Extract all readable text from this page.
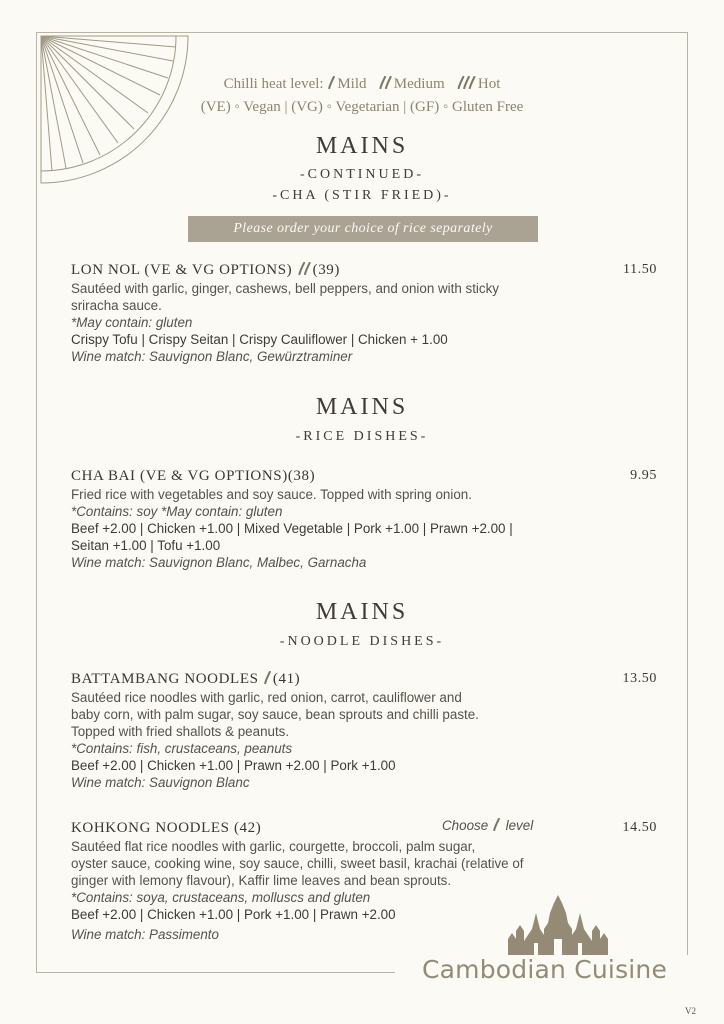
Chilli heat level: Mild Medium Hot
(VE) ◦ Vegan | (VG) ◦ Vegetarian | (GF) ◦ Gluten Free
MAINS
-CONTINUED-
-CHA (STIR FRIED)-
Please order your choice of rice separately
LON NOL (VE & VG OPTIONS) (39)	11.50
Sautéed with garlic, ginger, cashews, bell peppers, and onion with sticky
sriracha sauce.
*May contain: gluten
Crispy Tofu | Crispy Seitan | Crispy Cauliflower | Chicken + 1.00
Wine match: Sauvignon Blanc, Gewürztraminer
MAINS
-RICE DISHES-
CHA BAI (VE & VG OPTIONS)(38)	9.95
Fried rice with vegetables and soy sauce. Topped with spring onion.
*Contains: soy *May contain: gluten
Beef +2.00 | Chicken +1.00 | Mixed Vegetable | Pork +1.00 | Prawn +2.00 |
Seitan +1.00 | Tofu +1.00
Wine match: Sauvignon Blanc, Malbec, Garnacha
MAINS
-NOODLE DISHES-
BATTAMBANG NOODLES (41)	13.50
Sautéed rice noodles with garlic, red onion, carrot, cauliflower and
baby corn, with palm sugar, soy sauce, bean sprouts and chilli paste.
Topped with fried shallots & peanuts.
*Contains: fish, crustaceans, peanuts
Beef +2.00 | Chicken +1.00 | Prawn +2.00 | Pork +1.00
Wine match: Sauvignon Blanc
KOHKONG NOODLES (42)	14.50
Sautéed flat rice noodles with garlic, courgette, broccoli, palm sugar,
oyster sauce, cooking wine, soy sauce, chilli, sweet basil, krachai (relative of
ginger with lemony flavour), Kaffir lime leaves and bean sprouts.
*Contains: soya, crustaceans, molluscs and gluten
Beef +2.00 | Chicken +1.00 | Pork +1.00 | Prawn +2.00
Wine match: Passimento
Choose level
Cambodian Cuisine
V2
